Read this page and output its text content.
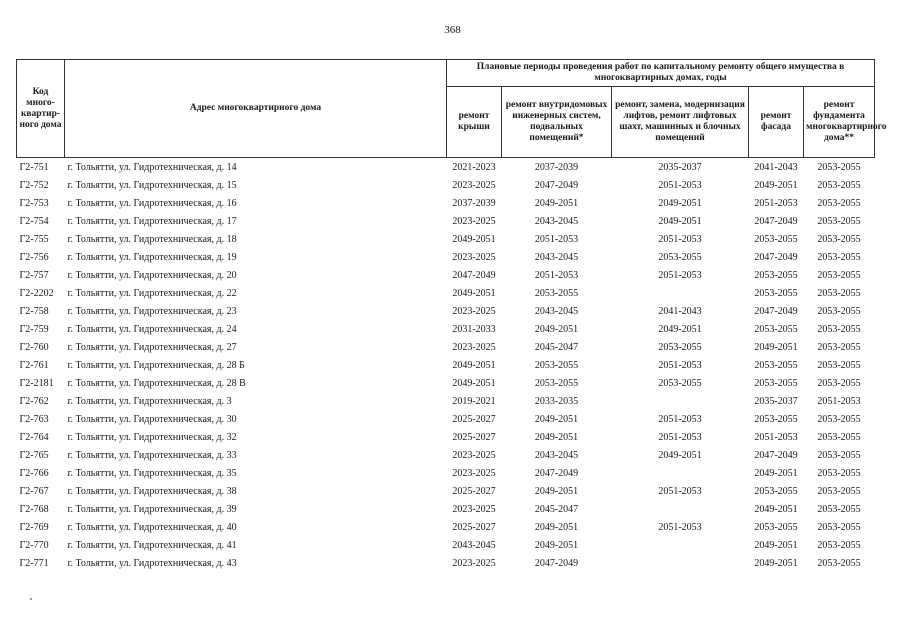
368
Код много-квартир-ного дома	Адрес многоквартирного дома	Плановые периоды проведения работ по капитальному ремонту общего имущества в многоквартирных домах, годы				
		ремонт крыши	ремонт внутридомовых инженерных систем, подвальных помещений*	ремонт, замена, модернизация лифтов, ремонт лифтовых шахт, машинных и блочных помещений	ремонт фасада	ремонт фундамента многоквартирного дома**
Г2-751	г. Тольятти, ул. Гидротехническая, д. 14	2021-2023	2037-2039	2035-2037	2041-2043	2053-2055
Г2-752	г. Тольятти, ул. Гидротехническая, д. 15	2023-2025	2047-2049	2051-2053	2049-2051	2053-2055
Г2-753	г. Тольятти, ул. Гидротехническая, д. 16	2037-2039	2049-2051	2049-2051	2051-2053	2053-2055
Г2-754	г. Тольятти, ул. Гидротехническая, д. 17	2023-2025	2043-2045	2049-2051	2047-2049	2053-2055
Г2-755	г. Тольятти, ул. Гидротехническая, д. 18	2049-2051	2051-2053	2051-2053	2053-2055	2053-2055
Г2-756	г. Тольятти, ул. Гидротехническая, д. 19	2023-2025	2043-2045	2053-2055	2047-2049	2053-2055
Г2-757	г. Тольятти, ул. Гидротехническая, д. 20	2047-2049	2051-2053	2051-2053	2053-2055	2053-2055
Г2-2202	г. Тольятти, ул. Гидротехническая, д. 22	2049-2051	2053-2055		2053-2055	2053-2055
Г2-758	г. Тольятти, ул. Гидротехническая, д. 23	2023-2025	2043-2045	2041-2043	2047-2049	2053-2055
Г2-759	г. Тольятти, ул. Гидротехническая, д. 24	2031-2033	2049-2051	2049-2051	2053-2055	2053-2055
Г2-760	г. Тольятти, ул. Гидротехническая, д. 27	2023-2025	2045-2047	2053-2055	2049-2051	2053-2055
Г2-761	г. Тольятти, ул. Гидротехническая, д. 28 Б	2049-2051	2053-2055	2051-2053	2053-2055	2053-2055
Г2-2181	г. Тольятти, ул. Гидротехническая, д. 28 В	2049-2051	2053-2055	2053-2055	2053-2055	2053-2055
Г2-762	г. Тольятти, ул. Гидротехническая, д. 3	2019-2021	2033-2035		2035-2037	2051-2053
Г2-763	г. Тольятти, ул. Гидротехническая, д. 30	2025-2027	2049-2051	2051-2053	2053-2055	2053-2055
Г2-764	г. Тольятти, ул. Гидротехническая, д. 32	2025-2027	2049-2051	2051-2053	2051-2053	2053-2055
Г2-765	г. Тольятти, ул. Гидротехническая, д. 33	2023-2025	2043-2045	2049-2051	2047-2049	2053-2055
Г2-766	г. Тольятти, ул. Гидротехническая, д. 35	2023-2025	2047-2049		2049-2051	2053-2055
Г2-767	г. Тольятти, ул. Гидротехническая, д. 38	2025-2027	2049-2051	2051-2053	2053-2055	2053-2055
Г2-768	г. Тольятти, ул. Гидротехническая, д. 39	2023-2025	2045-2047		2049-2051	2053-2055
Г2-769	г. Тольятти, ул. Гидротехническая, д. 40	2025-2027	2049-2051	2051-2053	2053-2055	2053-2055
Г2-770	г. Тольятти, ул. Гидротехническая, д. 41	2043-2045	2049-2051		2049-2051	2053-2055
Г2-771	г. Тольятти, ул. Гидротехническая, д. 43	2023-2025	2047-2049		2049-2051	2053-2055
